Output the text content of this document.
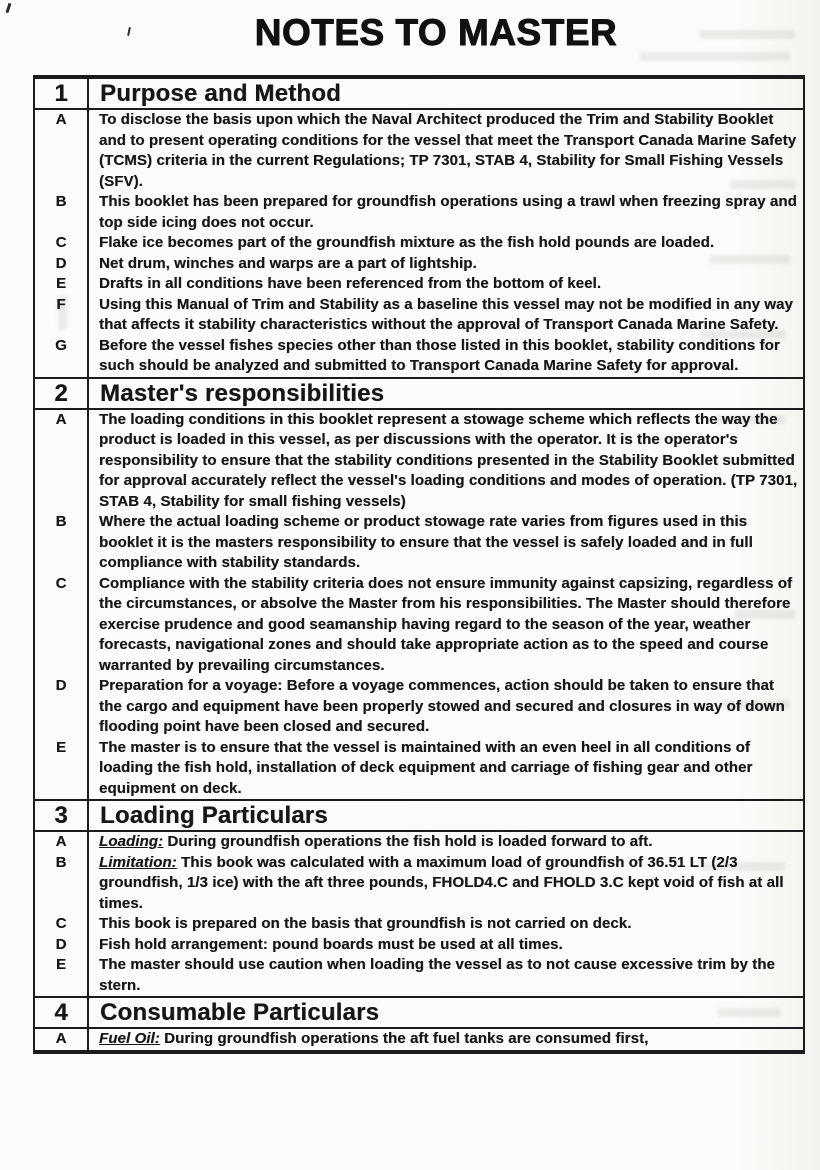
NOTES TO MASTER
1	Purpose and Method
A	To disclose the basis upon which the Naval Architect produced the Trim and Stability Booklet and to present operating conditions for the vessel that meet the Transport Canada Marine Safety (TCMS) criteria in the current Regulations; TP 7301, STAB 4, Stability for Small Fishing Vessels (SFV).
B	This booklet has been prepared for groundfish operations using a trawl when freezing spray and top side icing does not occur.
C	Flake ice becomes part of the groundfish mixture as the fish hold pounds are loaded.
D	Net drum, winches and warps are a part of lightship.
E	Drafts in all conditions have been referenced from the bottom of keel.
F	Using this Manual of Trim and Stability as a baseline this vessel may not be modified in any way that affects it stability characteristics without the approval of Transport Canada Marine Safety.
G	Before the vessel fishes species other than those listed in this booklet, stability conditions for such should be analyzed and submitted to Transport Canada Marine Safety for approval.
2	Master's responsibilities
A	The loading conditions in this booklet represent a stowage scheme which reflects the way the product is loaded in this vessel, as per discussions with the operator. It is the operator's responsibility to ensure that the stability conditions presented in the Stability Booklet submitted for approval accurately reflect the vessel's loading conditions and modes of operation. (TP 7301, STAB 4, Stability for small fishing vessels)
B	Where the actual loading scheme or product stowage rate varies from figures used in this booklet it is the masters responsibility to ensure that the vessel is safely loaded and in full compliance with stability standards.
C	Compliance with the stability criteria does not ensure immunity against capsizing, regardless of the circumstances, or absolve the Master from his responsibilities. The Master should therefore exercise prudence and good seamanship having regard to the season of the year, weather forecasts, navigational zones and should take appropriate action as to the speed and course warranted by prevailing circumstances.
D	Preparation for a voyage: Before a voyage commences, action should be taken to ensure that the cargo and equipment have been properly stowed and secured and closures in way of down flooding point have been closed and secured.
E	The master is to ensure that the vessel is maintained with an even heel in all conditions of loading the fish hold, installation of deck equipment and carriage of fishing gear and other equipment on deck.
3	Loading Particulars
A	Loading: During groundfish operations the fish hold is loaded forward to aft.
B	Limitation: This book was calculated with a maximum load of groundfish of 36.51 LT (2/3 groundfish, 1/3 ice) with the aft three pounds, FHOLD4.C and FHOLD 3.C kept void of fish at all times.
C	This book is prepared on the basis that groundfish is not carried on deck.
D	Fish hold arrangement: pound boards must be used at all times.
E	The master should use caution when loading the vessel as to not cause excessive trim by the stern.
4	Consumable Particulars
A	Fuel Oil: During groundfish operations the aft fuel tanks are consumed first,
